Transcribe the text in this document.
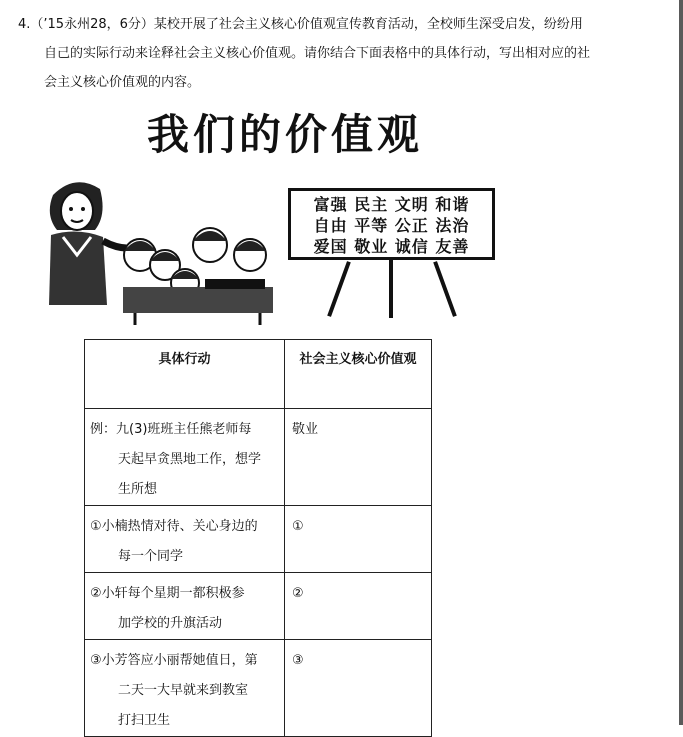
4.（’15永州28，6分）某校开展了社会主义核心价值观宣传教育活动，全校师生深受启发，纷纷用
自己的实际行动来诠释社会主义核心价值观。请你结合下面表格中的具体行动，写出相对应的社
会主义核心价值观的内容。
我们的价值观
富强 民主 文明 和谐
自由 平等 公正 法治
爱国 敬业 诚信 友善
具体行动	社会主义核心价值观

例：九(3)班班主任熊老师每
天起早贪黑地工作，想学
生所想	敬业

①小楠热情对待、关心身边的
每一个同学	①

②小轩每个星期一都积极参
加学校的升旗活动	②

③小芳答应小丽帮她值日，第
二天一大早就来到教室
打扫卫生	③
